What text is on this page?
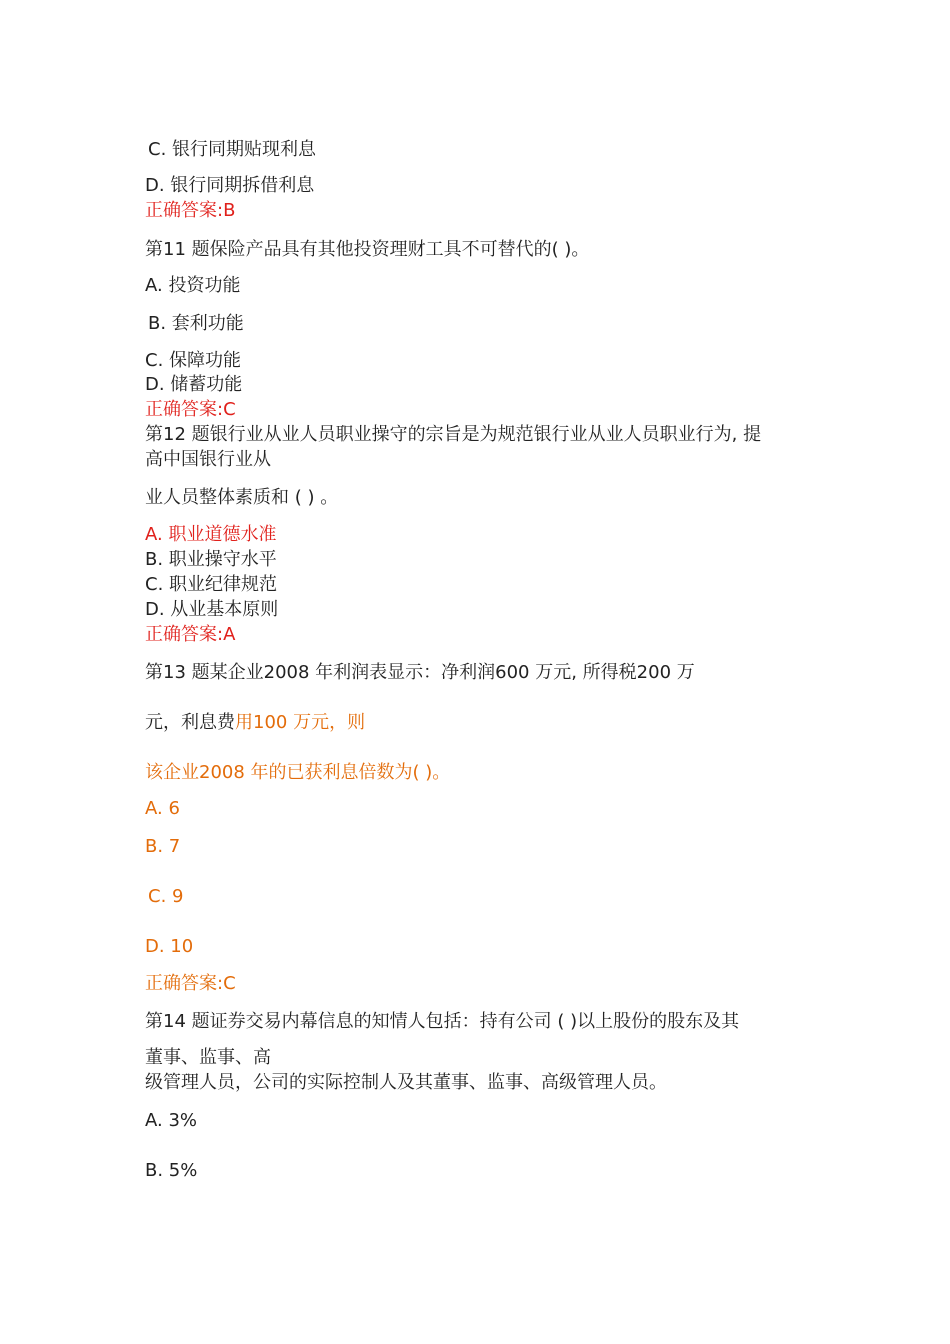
C. 银行同期贴现利息
D. 银行同期拆借利息
正确答案:B
第11 题保险产品具有其他投资理财工具不可替代的( )。
A. 投资功能
B. 套利功能
C. 保障功能
D. 储蓄功能
正确答案:C
第12 题银行业从业人员职业操守的宗旨是为规范银行业从业人员职业行为, 提
高中国银行业从
业人员整体素质和 ( ) 。
A. 职业道德水准
B. 职业操守水平
C. 职业纪律规范
D. 从业基本原则
正确答案:A
第13 题某企业2008 年利润表显示：净利润600 万元, 所得税200 万
元，利息费用100 万元，则
该企业2008 年的已获利息倍数为( )。
A. 6
B. 7
C. 9
D. 10
正确答案:C
第14 题证券交易内幕信息的知情人包括：持有公司 ( )以上股份的股东及其
董事、监事、高
级管理人员，公司的实际控制人及其董事、监事、高级管理人员。
A. 3%
B. 5%
